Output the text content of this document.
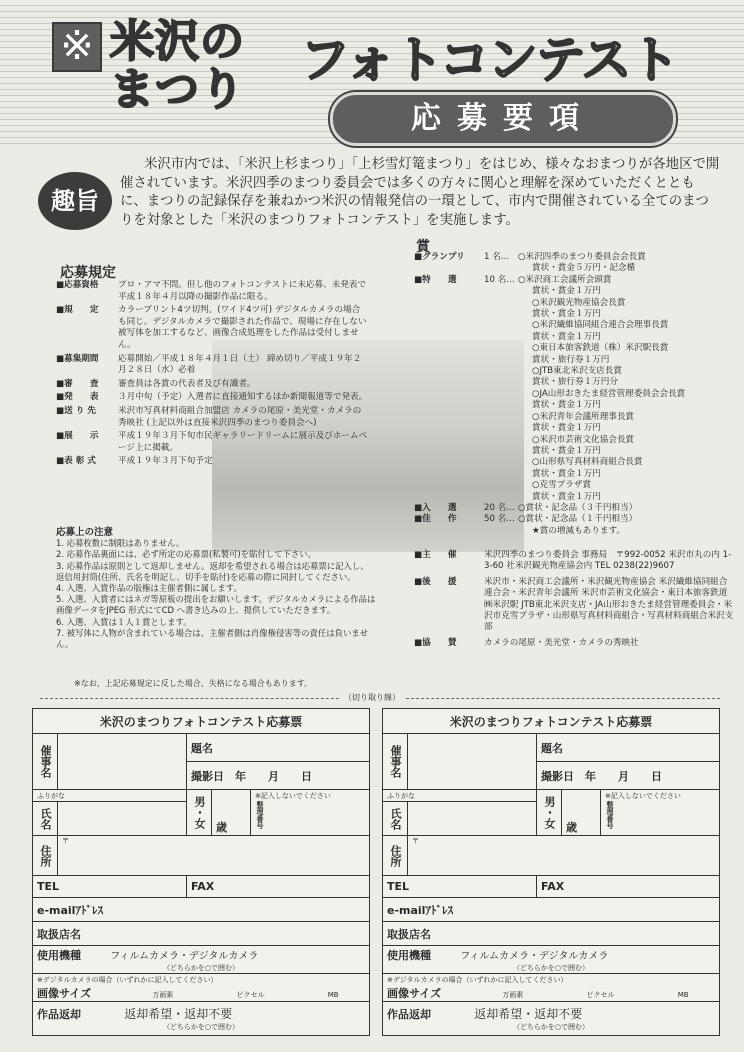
※ 米沢の
まつり
フォトコンテスト
応募要項
趣旨
米沢市内では、「米沢上杉まつり」「上杉雪灯篭まつり」をはじめ、様々なおまつりが各地区で開催されています。米沢四季のまつり委員会では多くの方々に関心と理解を深めていただくとともに、まつりの記録保存を兼ねかつ米沢の情報発信の一環として、市内で開催されている全てのまつりを対象とした「米沢のまつりフォトコンテスト」を実施します。
応募規定
■応募資格	プロ・アマ不問。但し他のフォトコンテストに未応募、未発表で平成１８年４月以降の撮影作品に限る。
■規　　定	カラープリント4ツ切判。(ワイド4ツ可) デジタルカメラの場合も同じ。デジタルカメラで撮影された作品で、現場に存在しない被写体を加工するなど、画像合成処理をした作品は受付しません。
■募集期間	応募開始／平成１８年４月１日（土） 締め切り／平成１９年２月２８日（水）必着
■審　　査	審査員は各賞の代表者及び有識者。
■発　　表	３月中旬（予定）入選者に直接通知するほか新聞報道等で発表。
■送 り 先	米沢市写真材料商組合加盟店 カメラの尾原・美光堂・カメラの秀映社 (上記以外は直接米沢四季のまつり委員会へ)
■展　　示	平成１９年３月下旬市民ギャラリードリームに展示及びホームページ上に掲載。
■表 彰 式	平成１９年３月下旬予定
応募上の注意
1. 応募枚数に制限はありません。
2. 応募作品裏面には、必ず所定の応募票(私製可)を貼付して下さい。
3. 応募作品は原則として返却しません。返却を希望される場合は応募票に記入し、返信用封筒(住所、氏名を明記し、切手を貼付)を応募の際に同封してください。
4. 入選、入賞作品の版権は主催者側に属します。
5. 入選、入賞者にはネガ等原板の提出をお願いします。デジタルカメラによる作品は画像データをJPEG 形式にてCD へ書き込みの上、提供していただきます。
6. 入選、入賞は１人１賞とします。
7. 被写体に人物が含まれている場合は、主催者側は肖像権侵害等の責任は負いません。
※なお、上記応募規定に反した場合、失格になる場合もあります。
賞
■グランプリ	1 名…	○米沢四季のまつり委員会会長賞
賞状・賞金５万円・記念楯
■特　　選	10 名… ○米沢商工会議所会頭賞
賞状・賞金１万円
○米沢観光物産協会長賞
賞状・賞金１万円
○米沢繊維協同組合連合会理事長賞
賞状・賞金１万円
○東日本旅客鉄道（株）米沢駅長賞
賞状・旅行券１万円
○JTB東北米沢支店長賞
賞状・旅行券１万円分
○JA山形おきたま経営管理委員会会長賞
賞状・賞金１万円
○米沢青年会議所理事長賞
賞状・賞金１万円
○米沢市芸術文化協会長賞
賞状・賞金１万円
○山形県写真材料商組合長賞
賞状・賞金１万円
○克雪プラザ賞
賞状・賞金１万円
■入　　選	20 名… ○賞状・記念品（３千円相当）
■佳　　作	50 名… ○賞状・記念品（１千円相当）
★賞の増減もあります。
■主　　催	米沢四季のまつり委員会 事務局　〒992-0052 米沢市丸の内 1-3-60 社米沢観光物産協会内 TEL 0238(22)9607
■後　　援	米沢市・米沢商工会議所・米沢観光物産協会 米沢繊維協同組合連合会・米沢青年会議所 米沢市芸術文化協会・東日本旅客鉄道㈱米沢駅 JTB東北米沢支店・JA山形おきたま経営管理委員会・米沢市克雪プラザ・山形県写真材料商組合・写真材料商組合米沢支部
■協　　賛	カメラの尾原・美光堂・カメラの秀映社
（切り取り線）
米沢のまつりフォトコンテスト応募票				
催事名		題名		
		撮影日　年　　月　　日		
ふりがな		男・女	歳	※記入しないでください
整理番号

氏名				
住所	〒			
TEL		FAX		
e-mailｱﾄﾞﾚｽ				
取扱店名				
使用機種 フィルムカメラ・デジタルカメラ
（どちらかを○で囲む）				

※デジタルカメラの場合（いずれかに記入してください）
画像サイズ 万画素 ピクセル MB				
作品返却 返却希望・返却不要
（どちらかを○で囲む）				
米沢のまつりフォトコンテスト応募票				
催事名		題名		
		撮影日　年　　月　　日		
ふりがな		男・女	歳	※記入しないでください
整理番号

氏名				
住所	〒			
TEL		FAX		
e-mailｱﾄﾞﾚｽ				
取扱店名				
使用機種 フィルムカメラ・デジタルカメラ
（どちらかを○で囲む）				

※デジタルカメラの場合（いずれかに記入してください）
画像サイズ 万画素 ピクセル MB				
作品返却 返却希望・返却不要
（どちらかを○で囲む）				
